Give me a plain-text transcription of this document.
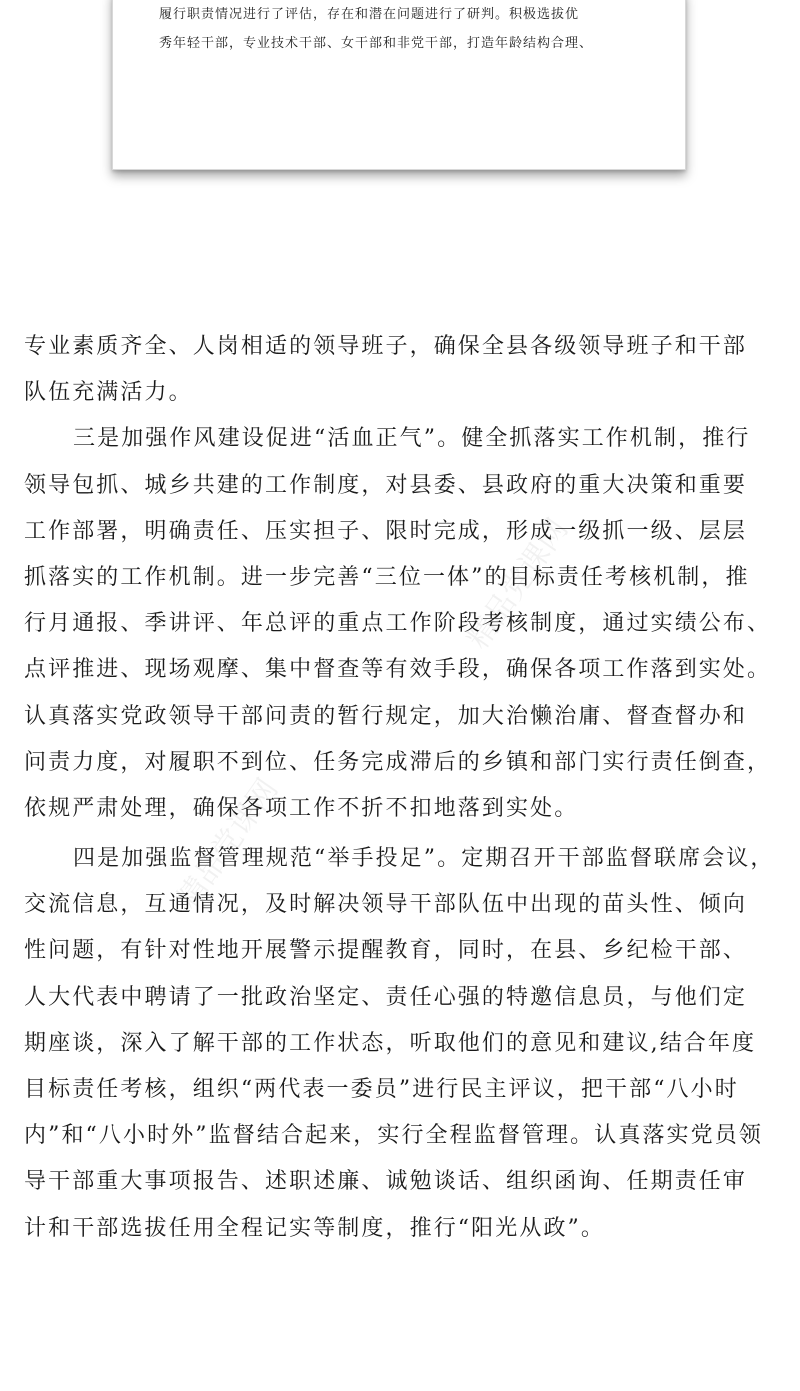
履行职责情况进行了评估，存在和潜在问题进行了研判。积极选拔优
秀年轻干部，专业技术干部、女干部和非党干部，打造年龄结构合理、
精品党课网
精品党课网
专业素质齐全、人岗相适的领导班子，确保全县各级领导班子和干部
队伍充满活力。
三是加强作风建设促进“活血正气”。健全抓落实工作机制，推行
领导包抓、城乡共建的工作制度，对县委、县政府的重大决策和重要
工作部署，明确责任、压实担子、限时完成，形成一级抓一级、层层
抓落实的工作机制。进一步完善“三位一体”的目标责任考核机制，推
行月通报、季讲评、年总评的重点工作阶段考核制度，通过实绩公布、
点评推进、现场观摩、集中督查等有效手段，确保各项工作落到实处。
认真落实党政领导干部问责的暂行规定，加大治懒治庸、督查督办和
问责力度，对履职不到位、任务完成滞后的乡镇和部门实行责任倒查，
依规严肃处理，确保各项工作不折不扣地落到实处。
四是加强监督管理规范“举手投足”。定期召开干部监督联席会议，
交流信息，互通情况，及时解决领导干部队伍中出现的苗头性、倾向
性问题，有针对性地开展警示提醒教育，同时，在县、乡纪检干部、
人大代表中聘请了一批政治坚定、责任心强的特邀信息员，与他们定
期座谈，深入了解干部的工作状态，听取他们的意见和建议,结合年度
目标责任考核，组织“两代表一委员”进行民主评议，把干部“八小时
内”和“八小时外”监督结合起来，实行全程监督管理。认真落实党员领
导干部重大事项报告、述职述廉、诚勉谈话、组织函询、任期责任审
计和干部选拔任用全程记实等制度，推行“阳光从政”。
